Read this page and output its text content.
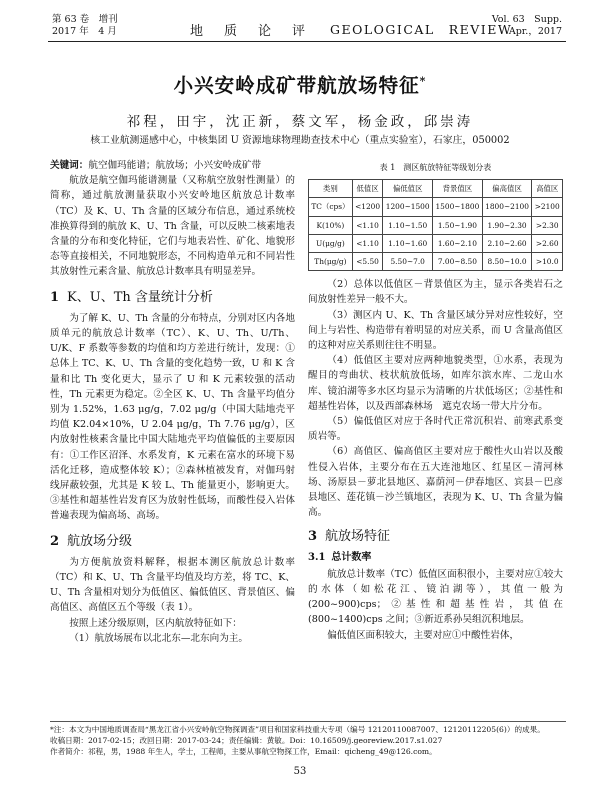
第 63 卷　增刊
2017 年　4 月	地　质　论　评 GEOLOGICAL　REVIEW
Vol. 63　Supp.
Apr.，2017
小兴安岭成矿带航放场特征*
祁程，田宇，沈正新，蔡文军，杨金政，邱崇涛
核工业航测遥感中心，中核集团 U 资源地球物理勘查技术中心（重点实验室），石家庄，050002

关键词：航空伽玛能谱；航放场；小兴安岭成矿带

航放是航空伽玛能谱测量（又称航空放射性测量）的简称，通过航放测量获取小兴安岭地区航放总计数率（TC）及 K、U、Th 含量的区域分布信息，通过系统校准换算得到的航放 K、U、Th 含量，可以反映二核素地表含量的分布和变化特征，它们与地表岩性、矿化、地貌形态等直接相关，不同地貌形态，不同构造单元和不同岩性其放射性元素含量、航放总计数率具有明显差异。

1 K、U、Th 含量统计分析

为了解 K、U、Th 含量的分布特点，分别对区内各地质单元的航放总计数率（TC）、K、U、Th、U/Th、U/K、F 系数等参数的均值和均方差进行统计，发现：①总体上 TC、K、U、Th 含量的变化趋势一致，U 和 K 含量和比 Th 变化更大，显示了 U 和 K 元素较强的活动性，Th 元素更为稳定。②全区 K、U、Th 含量平均值分别为 1.52%，1.63 μg/g，7.02 μg/g（中国大陆地壳平均值 K2.04×10%，U 2.04 μg/g，Th 7.76 μg/g），区内放射性核素含量比中国大陆地壳平均值偏低的主要原因有：①工作区沼泽、水系发育，K 元素在富水的环境下易活化迁移，造成整体较 K）；②森林植被发育，对伽玛射线屏蔽较强，尤其是 K 较 L、Th 能量更小，影响更大。③基性和超基性岩发育区为放射性低场，而酸性侵入岩体普遍表现为偏高场、高场。

2 航放场分级

为方便航放资料解释，根据本测区航放总计数率（TC）和 K、U、Th 含量平均值及均方差，将 TC、K、U、Th 含量相对划分为低值区、偏低值区、背景值区、偏高值区、高值区五个等级（表 1）。

按照上述分级原则，区内航放特征如下：

（1）航放场展布以北北东—北东向为主。

表 1　测区航放特征等级划分表
类别	低值区	偏低值区	背景值区	偏高值区	高值区
TC（cps）	<1200	1200~1500	1500~1800	1800~2100	>2100
K(10%)	<1.10	1.10~1.50	1.50~1.90	1.90~2.30	>2.30
U(μg/g)	<1.10	1.10~1.60	1.60~2.10	2.10~2.60	>2.60
Th(μg/g)	<5.50	5.50~7.0	7.00~8.50	8.50~10.0	>10.0

（2）总体以低值区－背景值区为主，显示各类岩石之间放射性差异一般不大。

（3）测区内 U、K、Th 含量区域分异对应性较好，空间上与岩性、构造带有着明显的对应关系，而 U 含量高值区的这种对应关系则往往不明显。

（4）低值区主要对应两种地貌类型，①水系，表现为醒目的弯曲状、枝状航放低场，如库尔滨水库、二龙山水库、镜泊湖等多水区均显示为清晰的片状低场区；②基性和超基性岩体，以及西部森林场　遮克农场一带大片分布。

（5）偏低值区对应于各时代正常沉积岩、前寒武系变质岩等。

（6）高值区、偏高值区主要对应于酸性火山岩以及酸性侵入岩体，主要分布在五大连池地区、红星区－清河林场、汤原县－萝北县地区、嘉荫河－伊春地区、宾县－巴彦县地区、莲花镇－沙兰镇地区，表现为 K、U、Th 含量为偏高。

3 航放场特征
3.1 总计数率

航放总计数率（TC）低值区面积很小，主要对应①较大的水体（如松花江、镜泊湖等），其值一般为(200~900)cps；②基性和超基性岩，其值在(800~1400)cps 之间；③新近系孙吴组沉积地层。

偏低值区面积较大，主要对应①中酸性岩体，

*注：本文为中国地质调查局“黑龙江省小兴安岭航空物探调查”项目和国家科技重大专项（编号 12120110087007、12120112205(6)）的成果。
收稿日期：2017-02-15；改回日期：2017-03-24；责任编辑：黄敏。Doi：10.16509/j.georeview.2017.s1.027
作者简介：祁程，男，1988 年生人，学士，工程师，主要从事航空物探工作，Email：qicheng_49@126.com。
53
